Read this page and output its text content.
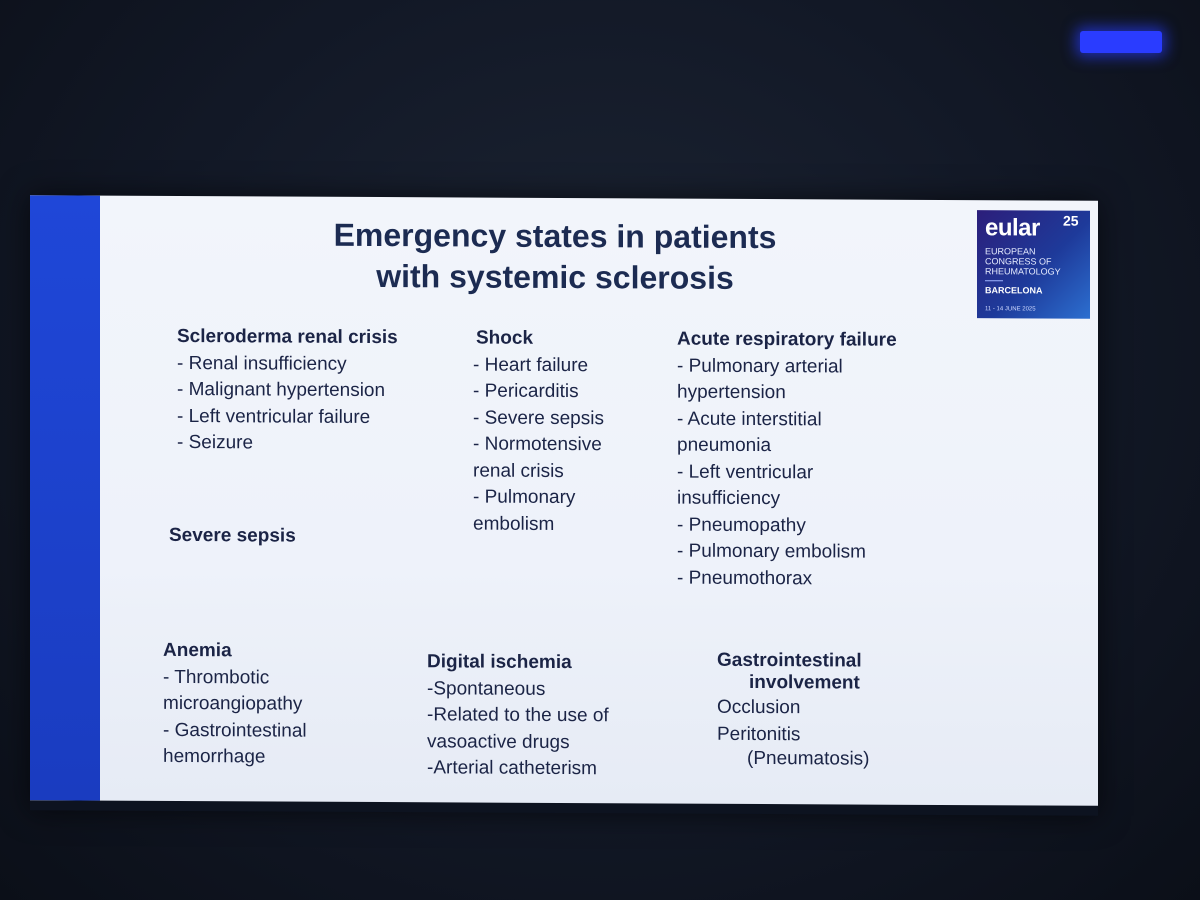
Emergency states in patients
with systemic sclerosis
eular 25
EUROPEAN
CONGRESS OF
RHEUMATOLOGY
BARCELONA
11 - 14 JUNE 2025
Scleroderma renal crisis
- Renal insufficiency
- Malignant hypertension
- Left ventricular failure
- Seizure
Shock
- Heart failure
- Pericarditis
- Severe sepsis
- Normotensive
renal crisis
- Pulmonary
embolism
Acute respiratory failure
- Pulmonary arterial
hypertension
- Acute interstitial
pneumonia
- Left ventricular
insufficiency
- Pneumopathy
- Pulmonary embolism
- Pneumothorax
Severe sepsis
Anemia
- Thrombotic
microangiopathy
- Gastrointestinal
hemorrhage
Digital ischemia
-Spontaneous
-Related to the use of
vasoactive drugs
-Arterial catheterism
Gastrointestinal
involvement
Occlusion
Peritonitis
(Pneumatosis)
